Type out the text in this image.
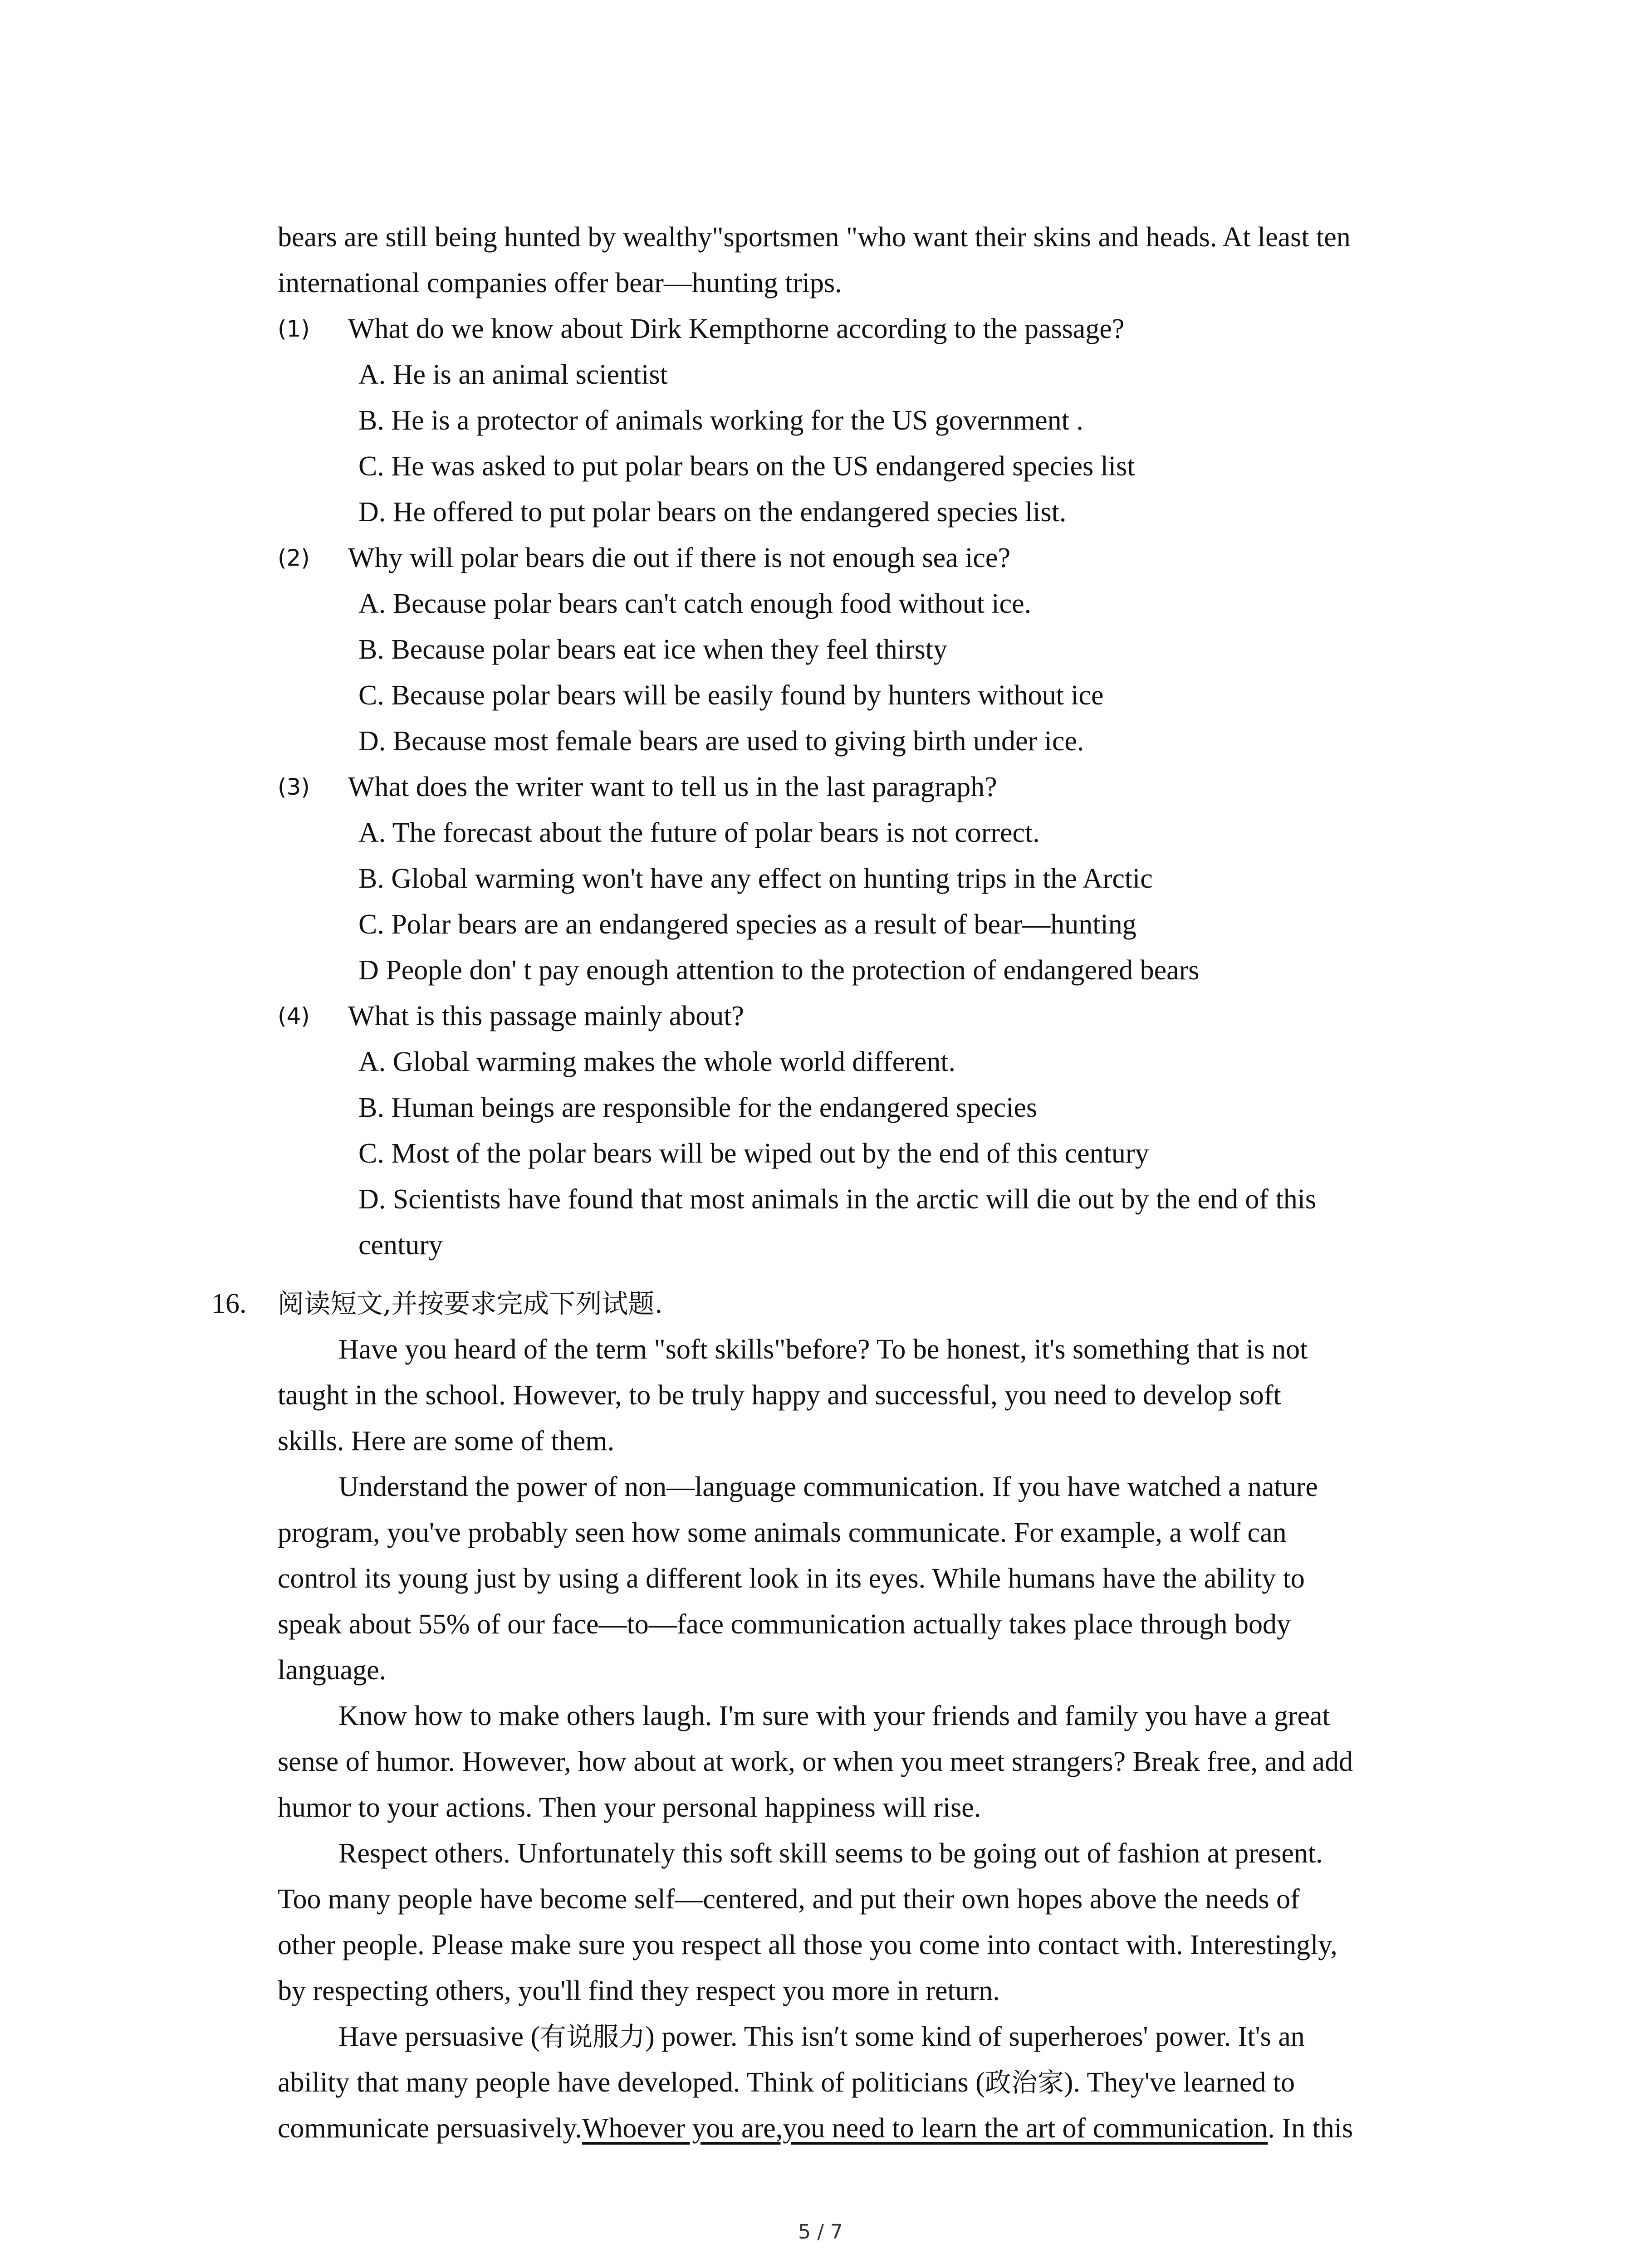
bears are still being hunted by wealthy"sportsmen "who want their skins and heads. At least ten

international companies offer bear—hunting trips.

(1) What do we know about Dirk Kempthorne according to the passage?

A. He is an animal scientist

B. He is a protector of animals working for the US government .

C. He was asked to put polar bears on the US endangered species list

D. He offered to put polar bears on the endangered species list.

(2) Why will polar bears die out if there is not enough sea ice?

A. Because polar bears can't catch enough food without ice.

B. Because polar bears eat ice when they feel thirsty

C. Because polar bears will be easily found by hunters without ice

D. Because most female bears are used to giving birth under ice.

(3) What does the writer want to tell us in the last paragraph?

A. The forecast about the future of polar bears is not correct.

B. Global warming won't have any effect on hunting trips in the Arctic

C. Polar bears are an endangered species as a result of bear—hunting

D People don' t pay enough attention to the protection of endangered bears

(4) What is this passage mainly about?

A. Global warming makes the whole world different.

B. Human beings are responsible for the endangered species

C. Most of the polar bears will be wiped out by the end of this century

D. Scientists have found that most animals in the arctic will die out by the end of this

century

16. 阅读短文,并按要求完成下列试题.

Have you heard of the term "soft skills"before? To be honest, it's something that is not
taught in the school. However, to be truly happy and successful, you need to develop soft
skills. Here are some of them.

Understand the power of non—language communication. If you have watched a nature
program, you've probably seen how some animals communicate. For example, a wolf can
control its young just by using a different look in its eyes. While humans have the ability to
speak about 55% of our face—to—face communication actually takes place through body
language.

Know how to make others laugh. I'm sure with your friends and family you have a great
sense of humor. However, how about at work, or when you meet strangers? Break free, and add
humor to your actions. Then your personal happiness will rise.

Respect others. Unfortunately this soft skill seems to be going out of fashion at present.
Too many people have become self—centered, and put their own hopes above the needs of
other people. Please make sure you respect all those you come into contact with. Interestingly,
by respecting others, you'll find they respect you more in return.

Have persuasive (有说服力) power. This isn′t some kind of superheroes' power. It's an
ability that many people have developed. Think of politicians (政治家). They've learned to
communicate persuasively.Whoever you are,you need to learn the art of communication. In this

5 / 7
